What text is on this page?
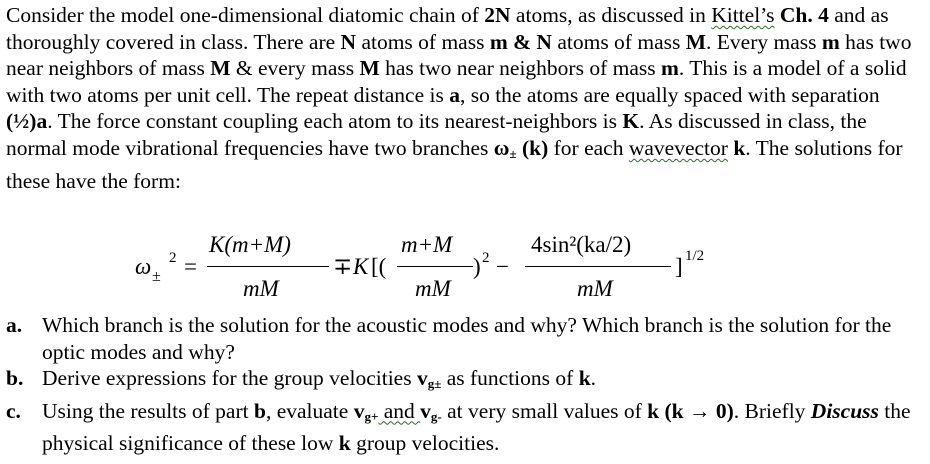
Consider the model one-dimensional diatomic chain of 2N atoms, as discussed in Kittel’s Ch. 4 and as thoroughly covered in class. There are N atoms of mass m & N atoms of mass M. Every mass m has two near neighbors of mass M & every mass M has two near neighbors of mass m. This is a model of a solid with two atoms per unit cell. The repeat distance is a, so the atoms are equally spaced with separation (½)a. The force constant coupling each atom to its nearest-neighbors is K. As discussed in class, the normal mode vibrational frequencies have two branches $\omega_\pm$ (k) for each wavevector k. The solutions for these have the form:
ω ±
2 =
K(m+M)
mM
∓ K [(
m+M
mM
) 2 −
4sin²(ka/2)
mM
] 1/2
a. Which branch is the solution for the acoustic modes and why? Which branch is the solution for the optic modes and why?
b. Derive expressions for the group velocities $v_{g\pm}$ as functions of k.
c. Using the results of part b, evaluate $v_{g+}$ and $v_{g-}$ at very small values of k (k → 0). Briefly Discuss the physical significance of these low k group velocities.
